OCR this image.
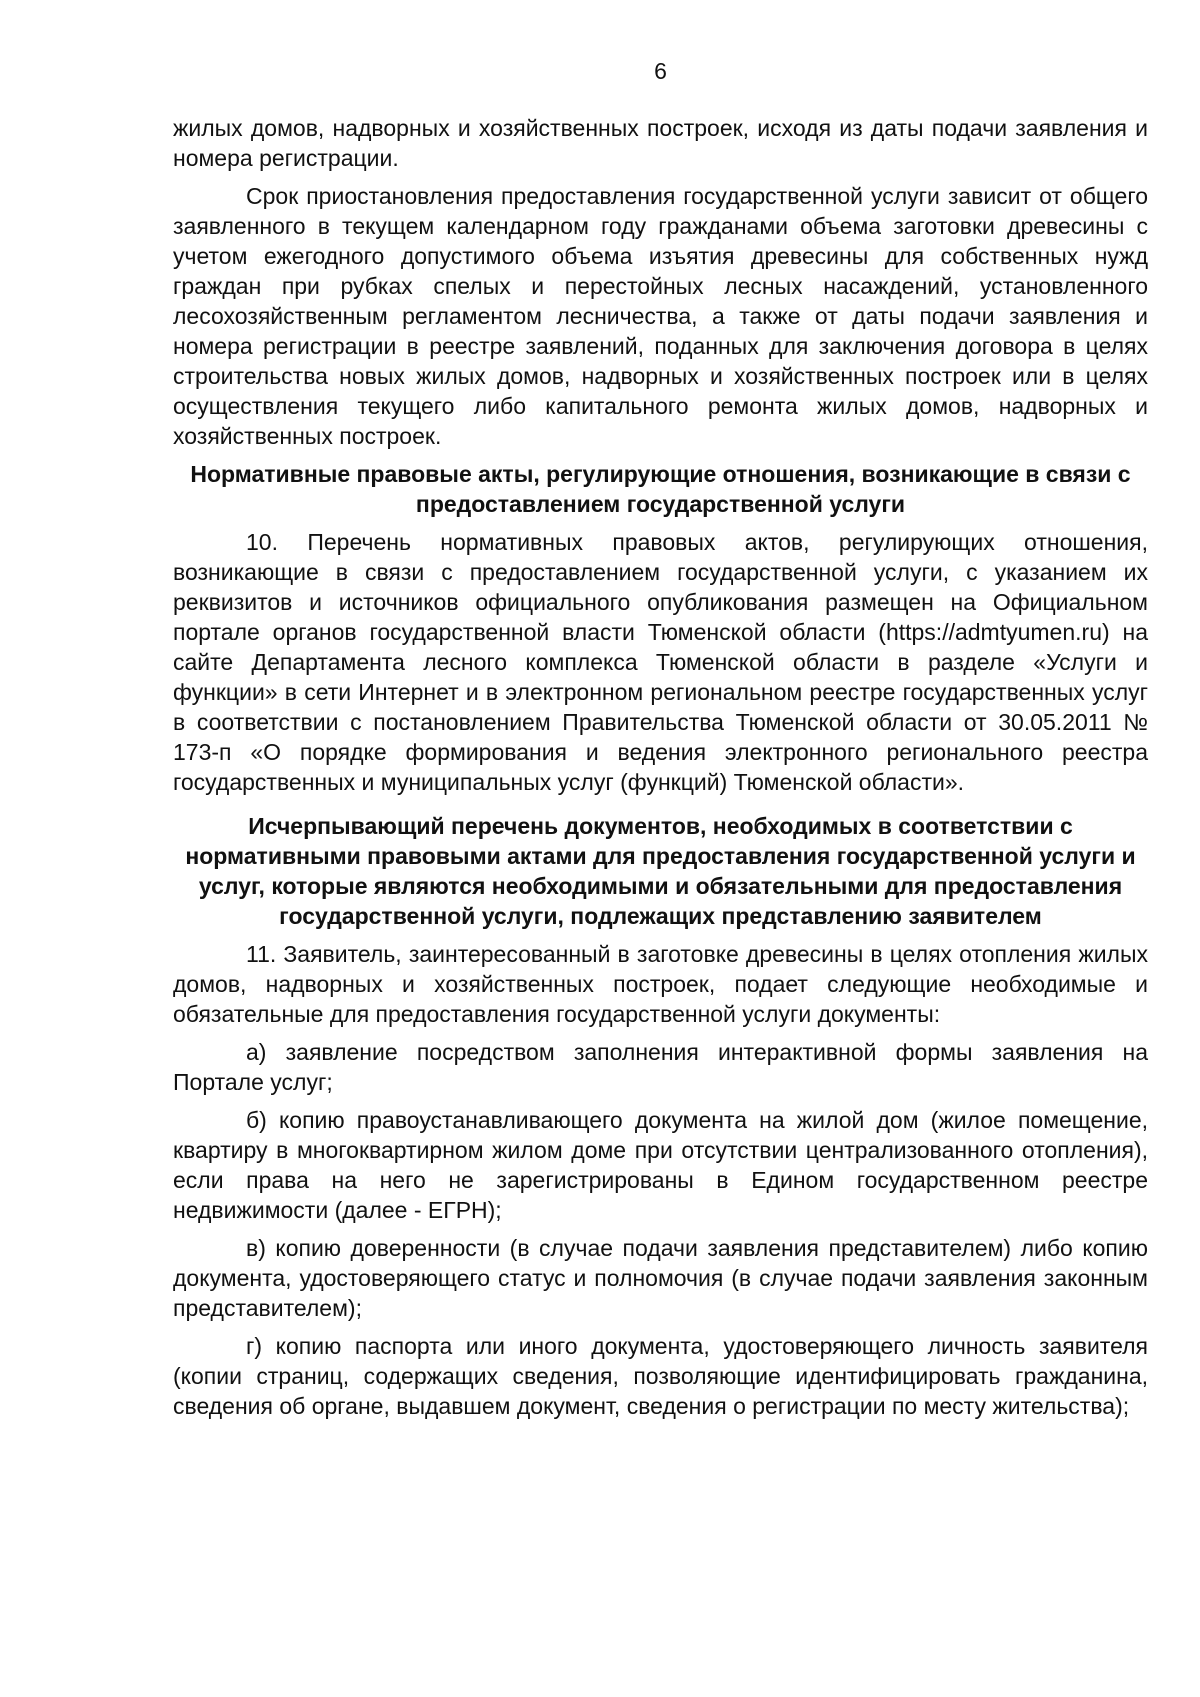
6

жилых домов, надворных и хозяйственных построек, исходя из даты подачи заявления и номера регистрации.

Срок приостановления предоставления государственной услуги зависит от общего заявленного в текущем календарном году гражданами объема заготовки древесины с учетом ежегодного допустимого объема изъятия древесины для собственных нужд граждан при рубках спелых и перестойных лесных насаждений, установленного лесохозяйственным регламентом лесничества, а также от даты подачи заявления и номера регистрации в реестре заявлений, поданных для заключения договора в целях строительства новых жилых домов, надворных и хозяйственных построек или в целях осуществления текущего либо капитального ремонта жилых домов, надворных и хозяйственных построек.

Нормативные правовые акты, регулирующие отношения, возникающие в связи с предоставлением государственной услуги

10. Перечень нормативных правовых актов, регулирующих отношения, возникающие в связи с предоставлением государственной услуги, с указанием их реквизитов и источников официального опубликования размещен на Официальном портале органов государственной власти Тюменской области (https://admtyumen.ru) на сайте Департамента лесного комплекса Тюменской области в разделе «Услуги и функции» в сети Интернет и в электронном региональном реестре государственных услуг в соответствии с постановлением Правительства Тюменской области от 30.05.2011 № 173-п «О порядке формирования и ведения электронного регионального реестра государственных и муниципальных услуг (функций) Тюменской области».

Исчерпывающий перечень документов, необходимых в соответствии с нормативными правовыми актами для предоставления государственной услуги и услуг, которые являются необходимыми и обязательными для предоставления государственной услуги, подлежащих представлению заявителем

11. Заявитель, заинтересованный в заготовке древесины в целях отопления жилых домов, надворных и хозяйственных построек, подает следующие необходимые и обязательные для предоставления государственной услуги документы:

а) заявление посредством заполнения интерактивной формы заявления на Портале услуг;

б) копию правоустанавливающего документа на жилой дом (жилое помещение, квартиру в многоквартирном жилом доме при отсутствии централизованного отопления), если права на него не зарегистрированы в Едином государственном реестре недвижимости (далее - ЕГРН);

в) копию доверенности (в случае подачи заявления представителем) либо копию документа, удостоверяющего статус и полномочия (в случае подачи заявления законным представителем);

г) копию паспорта или иного документа, удостоверяющего личность заявителя (копии страниц, содержащих сведения, позволяющие идентифицировать гражданина, сведения об органе, выдавшем документ, сведения о регистрации по месту жительства);
